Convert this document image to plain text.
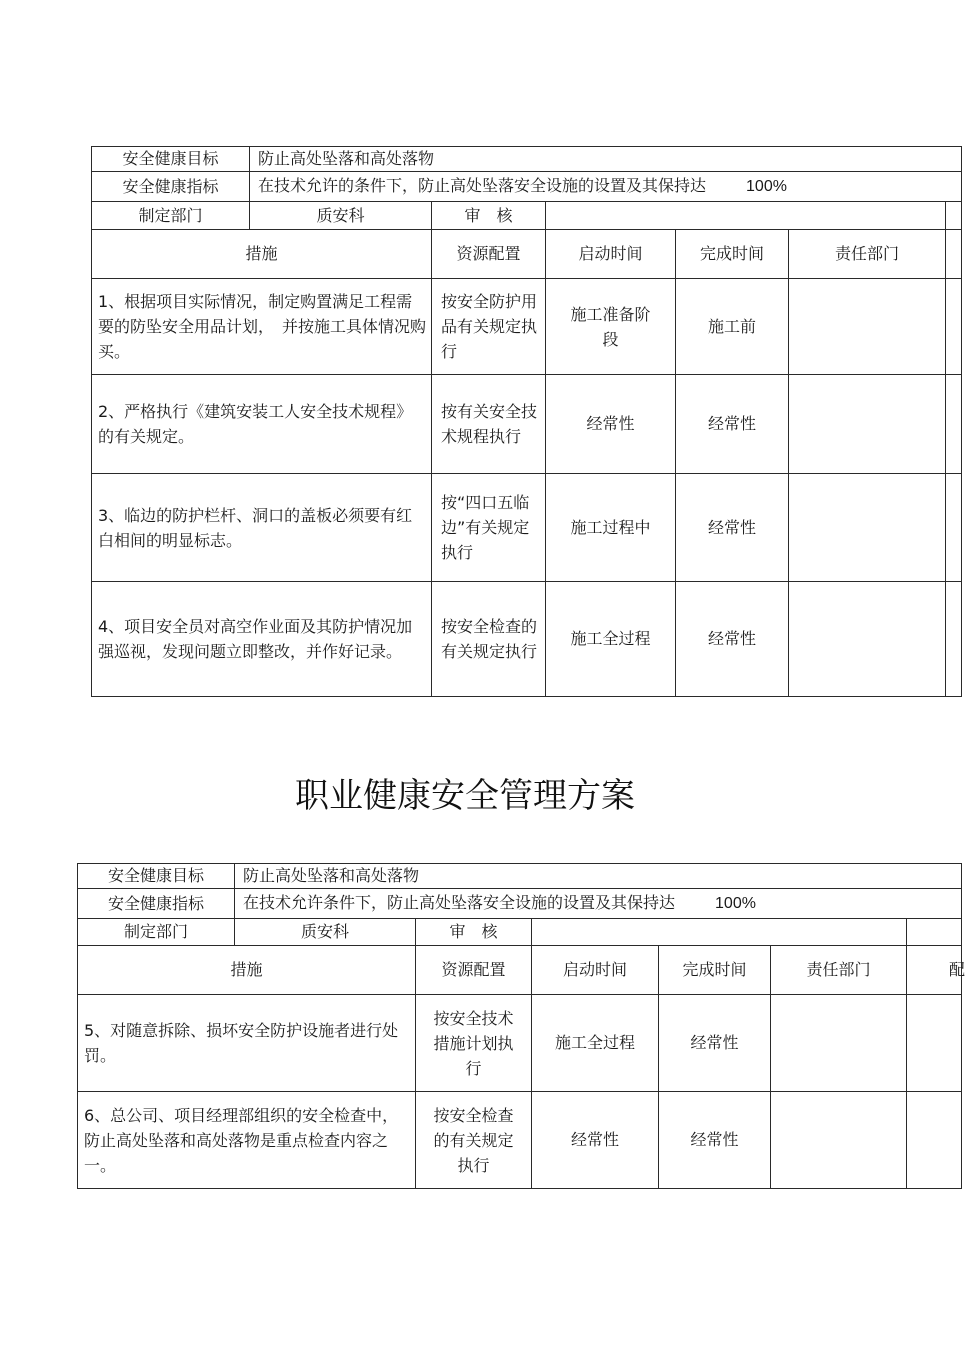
安全健康目标	防止高处坠落和高处落物					
安全健康指标	在技术允许的条件下，防止高处坠落安全设施的设置及其保持达 100%					
制定部门	质安科	审　核				
措施		资源配置	启动时间	完成时间	责任部门	
1、根据项目实际情况，制定购置满足工程需要的防坠安全用品计划，　并按施工具体情况购买。		按安全防护用品有关规定执行	施工准备阶段	施工前		
2、严格执行《建筑安装工人安全技术规程》的有关规定。		按有关安全技术规程执行	经常性	经常性		
3、临边的防护栏杆、洞口的盖板必须要有红白相间的明显标志。		按“四口五临边”有关规定执行	施工过程中	经常性		
4、项目安全员对高空作业面及其防护情况加强巡视，发现问题立即整改，并作好记录。		按安全检查的有关规定执行	施工全过程	经常性		
职业健康安全管理方案
安全健康目标	防止高处坠落和高处落物					
安全健康指标	在技术允许条件下，防止高处坠落安全设施的设置及其保持达 100%					
制定部门	质安科	审　核				
措施		资源配置	启动时间	完成时间	责任部门	配
5、对随意拆除、损坏安全防护设施者进行处罚。		按安全技术措施计划执行	施工全过程	经常性		
6、总公司、项目经理部组织的安全检查中，防止高处坠落和高处落物是重点检查内容之一。		按安全检查的有关规定执行	经常性	经常性		
